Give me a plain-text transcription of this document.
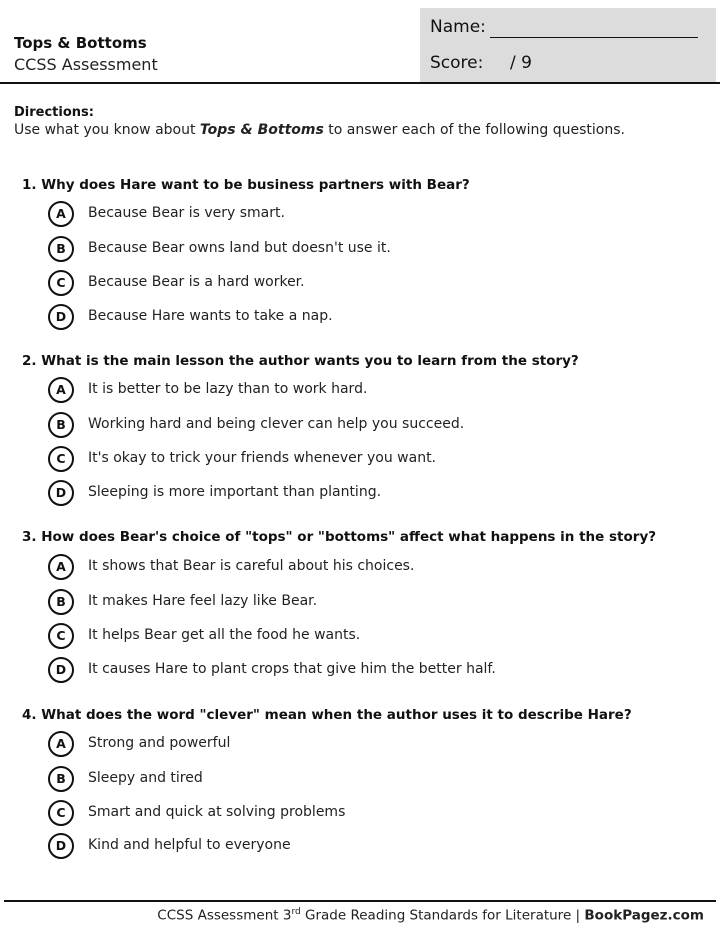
Tops & Bottoms
CCSS Assessment
Name:
Score: / 9
Directions:
Use what you know about Tops & Bottoms to answer each of the following questions.
1. Why does Hare want to be business partners with Bear?
A	Because Bear is very smart.
B	Because Bear owns land but doesn't use it.
C	Because Bear is a hard worker.
D	Because Hare wants to take a nap.
2. What is the main lesson the author wants you to learn from the story?
A	It is better to be lazy than to work hard.
B	Working hard and being clever can help you succeed.
C	It's okay to trick your friends whenever you want.
D	Sleeping is more important than planting.
3. How does Bear's choice of "tops" or "bottoms" affect what happens in the story?
A	It shows that Bear is careful about his choices.
B	It makes Hare feel lazy like Bear.
C	It helps Bear get all the food he wants.
D	It causes Hare to plant crops that give him the better half.
4. What does the word "clever" mean when the author uses it to describe Hare?
A	Strong and powerful
B	Sleepy and tired
C	Smart and quick at solving problems
D	Kind and helpful to everyone
CCSS Assessment 3rd Grade Reading Standards for Literature | BookPagez.com
